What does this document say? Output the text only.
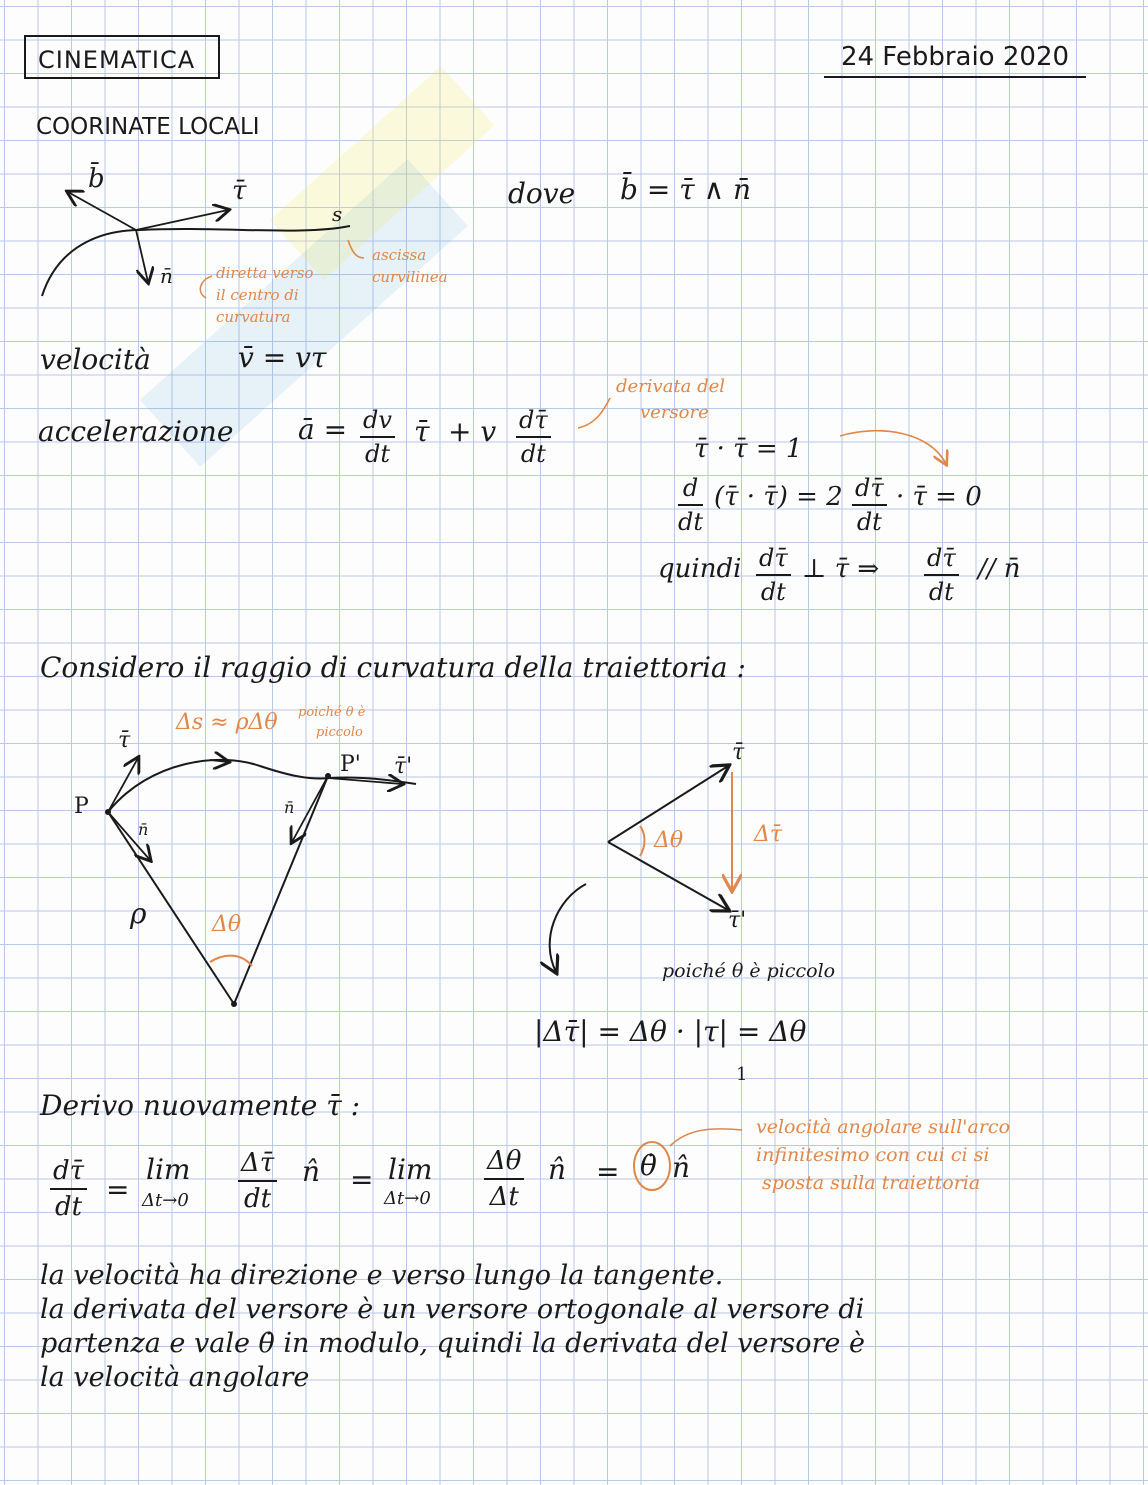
CINEMATICA	24 Febbraio 2020
COORINATE LOCALI
b̄	τ̄
s
n̄	diretta verso
il centro di
curvatura
ascissa
curvilinea
dove b̄ = τ̄ ∧ n̄
velocità	v̄ = vτ
accelerazione ā = $\frac{dv}{dt}$ τ̄ + v $\frac{d\taū}{dt}$
derivata del
versore
τ̄ · τ̄ = 1
$\frac{d}{dt}$ (τ̄ · τ̄) = $2 \frac{d\taū}{dt}$ · τ̄ = 0
quindi $\frac{d\taū}{dt}$ ⊥ τ̄ ⇒ $\frac{d\taū}{dt}$ // n̄
Considero il raggio di curvatura della traiettoria :
Δs ≈ ρΔθ poiché θ è
piccolo
τ̄
P
P' τ̄'
n̄
n̄
ρ	Δθ
τ̄
τ̄'
Δθ	Δτ̄
poiché θ è piccolo
|Δτ̄| = Δθ · |τ| = Δθ
1
Derivo nuovamente τ̄ :
$\frac{d\taū}{dt}$ =
lim
$\Delta t\to 0 \frac{\Delta\taū}{dt}$ n̂ = lim
$\Delta t\to 0 \frac{\Delta\theta}{\Delta t}$ n̂ = θ̇ n̂
velocità angolare sull'arco
infinitesimo con cui ci si
sposta sulla traiettoria
la velocità ha direzione e verso lungo la tangente.
la derivata del versore è un versore ortogonale al versore di
partenza e vale θ̇ in modulo, quindi la derivata del versore è
la velocità angolare
